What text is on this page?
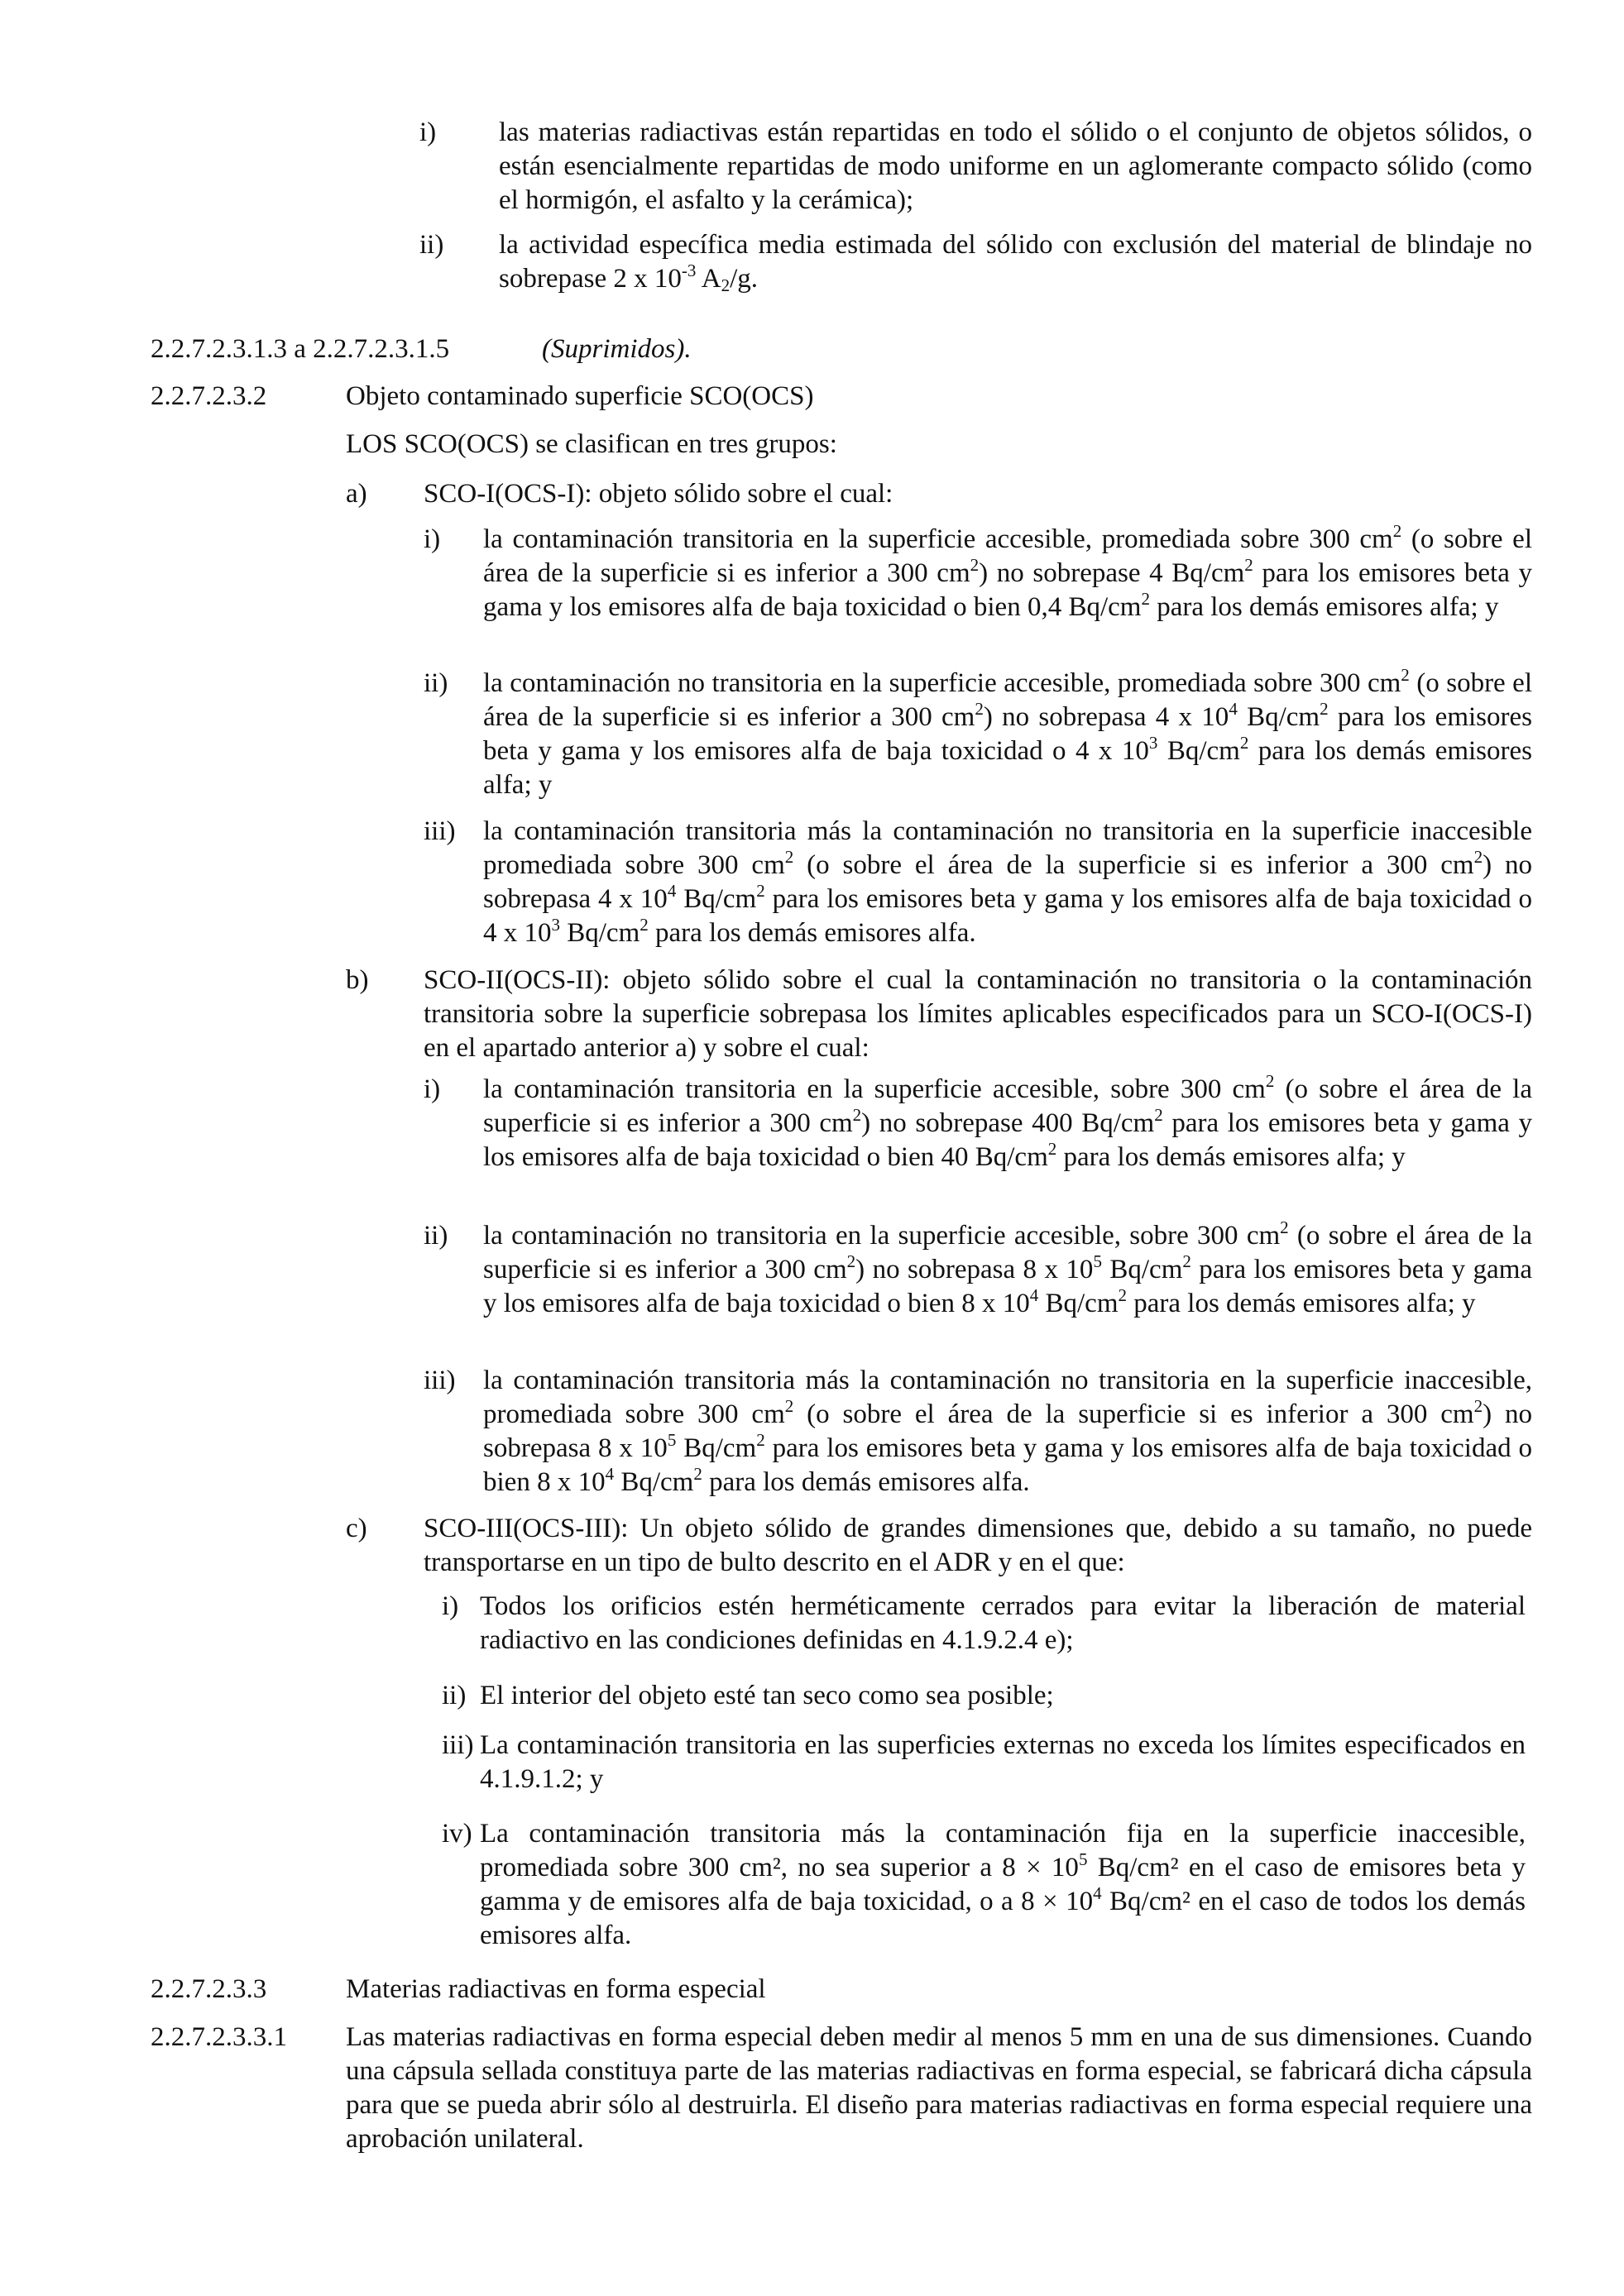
i)	las materias radiactivas están repartidas en todo el sólido o el conjunto de objetos sólidos, o están esencialmente repartidas de modo uniforme en un aglomerante compacto sólido (como el hormigón, el asfalto y la cerámica);
ii)	la actividad específica media estimada del sólido con exclusión del material de blindaje no sobrepase 2 x $10^{-3}$ $A_2/g$.
2.2.7.2.3.1.3 a 2.2.7.2.3.1.5	(Suprimidos).
2.2.7.2.3.2	Objeto contaminado superficie SCO(OCS)
LOS SCO(OCS) se clasifican en tres grupos:
a)	SCO-I(OCS-I): objeto sólido sobre el cual:
i)	la contaminación transitoria en la superficie accesible, promediada sobre 300 $cm^2$ (o sobre el área de la superficie si es inferior a 300 $cm^2$) no sobrepase 4 $Bq/cm^2$ para los emisores beta y gama y los emisores alfa de baja toxicidad o bien 0,4 $Bq/cm^2$ para los demás emisores alfa; y
ii)	la contaminación no transitoria en la superficie accesible, promediada sobre 300 $cm^2$ (o sobre el área de la superficie si es inferior a 300 $cm^2$) no sobrepasa 4 x $10^4$ $Bq/cm^2$ para los emisores beta y gama y los emisores alfa de baja toxicidad o 4 x $10^3$ $Bq/cm^2$ para los demás emisores alfa; y
iii)	la contaminación transitoria más la contaminación no transitoria en la superficie inaccesible promediada sobre 300 $cm^2$ (o sobre el área de la superficie si es inferior a 300 $cm^2$) no sobrepasa 4 x $10^4$ $Bq/cm^2$ para los emisores beta y gama y los emisores alfa de baja toxicidad o 4 x $10^3$ $Bq/cm^2$ para los demás emisores alfa.
b)	SCO-II(OCS-II): objeto sólido sobre el cual la contaminación no transitoria o la contaminación transitoria sobre la superficie sobrepasa los límites aplicables especificados para un SCO-I(OCS-I) en el apartado anterior a) y sobre el cual:
i)	la contaminación transitoria en la superficie accesible, sobre 300 $cm^2$ (o sobre el área de la superficie si es inferior a 300 $cm^2$) no sobrepase 400 $Bq/cm^2$ para los emisores beta y gama y los emisores alfa de baja toxicidad o bien 40 $Bq/cm^2$ para los demás emisores alfa; y
ii)	la contaminación no transitoria en la superficie accesible, sobre 300 $cm^2$ (o sobre el área de la superficie si es inferior a 300 $cm^2$) no sobrepasa 8 x $10^5$ $Bq/cm^2$ para los emisores beta y gama y los emisores alfa de baja toxicidad o bien 8 x $10^4$ $Bq/cm^2$ para los demás emisores alfa; y
iii)	la contaminación transitoria más la contaminación no transitoria en la superficie inaccesible, promediada sobre 300 $cm^2$ (o sobre el área de la superficie si es inferior a 300 $cm^2$) no sobrepasa 8 x $10^5$ $Bq/cm^2$ para los emisores beta y gama y los emisores alfa de baja toxicidad o bien 8 x $10^4$ $Bq/cm^2$ para los demás emisores alfa.
c)	SCO-III(OCS-III): Un objeto sólido de grandes dimensiones que, debido a su tamaño, no puede transportarse en un tipo de bulto descrito en el ADR y en el que:
i) Todos los orificios estén herméticamente cerrados para evitar la liberación de material radiactivo en las condiciones definidas en 4.1.9.2.4 e);
ii) El interior del objeto esté tan seco como sea posible;
iii) La contaminación transitoria en las superficies externas no exceda los límites especificados en 4.1.9.1.2; y
iv) La contaminación transitoria más la contaminación fija en la superficie inaccesible, promediada sobre 300 cm², no sea superior a $8 \times 10^5$ Bq/cm² en el caso de emisores beta y gamma y de emisores alfa de baja toxicidad, o a $8 \times 10^4$ Bq/cm² en el caso de todos los demás emisores alfa.
2.2.7.2.3.3	Materias radiactivas en forma especial
2.2.7.2.3.3.1 Las materias radiactivas en forma especial deben medir al menos 5 mm en una de sus dimensiones. Cuando una cápsula sellada constituya parte de las materias radiactivas en forma especial, se fabricará dicha cápsula para que se pueda abrir sólo al destruirla. El diseño para materias radiactivas en forma especial requiere una aprobación unilateral.
